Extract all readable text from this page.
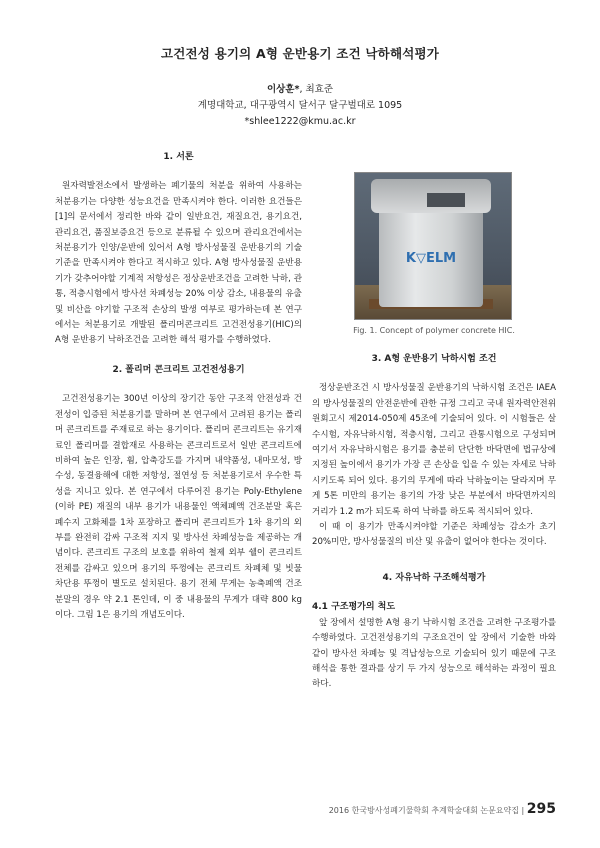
고건전성 용기의 A형 운반용기 조건 낙하해석평가
이상훈*, 최효준
계명대학교, 대구광역시 달서구 달구벌대로 1095
*shlee1222@kmu.ac.kr
1. 서론

원자력발전소에서 발생하는 폐기물의 처분을 위하여 사용하는 처분용기는 다양한 성능요건을 만족시켜야 한다. 이러한 요건들은 [1]의 문서에서 정리한 바와 같이 일반요건, 재질요건, 용기요건, 관리요건, 품질보증요건 등으로 분류될 수 있으며 관리요건에서는 처분용기가 인양/운반에 있어서 A형 방사성물질 운반용기의 기술기준을 만족시켜야 한다고 적시하고 있다. A형 방사성물질 운반용기가 갖추어야할 기계적 저항성은 정상운반조건을 고려한 낙하, 관통, 적층시험에서 방사선 차폐성능 20% 이상 감소, 내용물의 유출 및 비산을 야기할 구조적 손상의 발생 여부로 평가하는데 본 연구에서는 처분용기로 개발된 폴리머콘크리트 고건전성용기(HIC)의 A형 운반용기 낙하조건을 고려한 해석 평가를 수행하였다.

2. 폴리머 콘크리트 고건전성용기

고건전성용기는 300년 이상의 장기간 동안 구조적 안전성과 건전성이 입증된 처분용기를 말하며 본 연구에서 고려된 용기는 폴리머 콘크리트를 주재료로 하는 용기이다. 폴리머 콘크리트는 유기재료인 폴리머를 결합재로 사용하는 콘크리트로서 일반 콘크리트에 비하여 높은 인장, 휨, 압축강도를 가지며 내약품성, 내마모성, 방수성, 동결융해에 대한 저항성, 절연성 등 처분용기로서 우수한 특성을 지니고 있다. 본 연구에서 다루어진 용기는 Poly-Ethylene (이하 PE) 재질의 내부 용기가 내용물인 액체폐액 건조분말 혹은 폐수지 고화체를 1차 포장하고 폴리머 콘크리트가 1차 용기의 외부를 완전히 감싸 구조적 지지 및 방사선 차폐성능을 제공하는 개념이다. 콘크리트 구조의 보호를 위하여 철제 외부 쉘이 콘크리트 전체를 감싸고 있으며 용기의 뚜껑에는 콘크리트 차폐체 및 빗물 차단용 뚜껑이 별도로 설치된다. 용기 전체 무게는 농축폐액 건조분말의 경우 약 2.1 톤인데, 이 중 내용물의 무게가 대략 800 kg 이다. 그림 1은 용기의 개념도이다.

K▽ELM
Fig. 1. Concept of polymer concrete HIC.
3. A형 운반용기 낙하시험 조건

정상운반조건 시 방사성물질 운반용기의 낙하시험 조건은 IAEA의 방사성물질의 안전운반에 관한 규정 그리고 국내 원자력안전위원회고시 제2014-050제 45조에 기술되어 있다. 이 시험들은 살수시험, 자유낙하시험, 적층시험, 그리고 관통시험으로 구성되며 여기서 자유낙하시험은 용기를 충분히 단단한 바닥면에 법규상에 지정된 높이에서 용기가 가장 큰 손상을 입을 수 있는 자세로 낙하시키도록 되어 있다. 용기의 무게에 따라 낙하높이는 달라지며 무게 5톤 미만의 용기는 용기의 가장 낮은 부분에서 바닥면까지의 거리가 1.2 m가 되도록 하여 낙하를 하도록 적시되어 있다.

이 때 이 용기가 만족시켜야할 기준은 차폐성능 감소가 초기 20%미만, 방사성물질의 비산 및 유출이 없어야 한다는 것이다.

4. 자유낙하 구조해석평가
4.1 구조평가의 척도

앞 장에서 설명한 A형 용기 낙하시험 조건을 고려한 구조평가를 수행하였다. 고건전성용기의 구조요건이 앞 장에서 기술한 바와 같이 방사선 차폐능 및 격납성능으로 기술되어 있기 때문에 구조해석을 통한 결과를 상기 두 가지 성능으로 해석하는 과정이 필요하다.

2016 한국방사성폐기물학회 추계학술대회 논문요약집 | 295
